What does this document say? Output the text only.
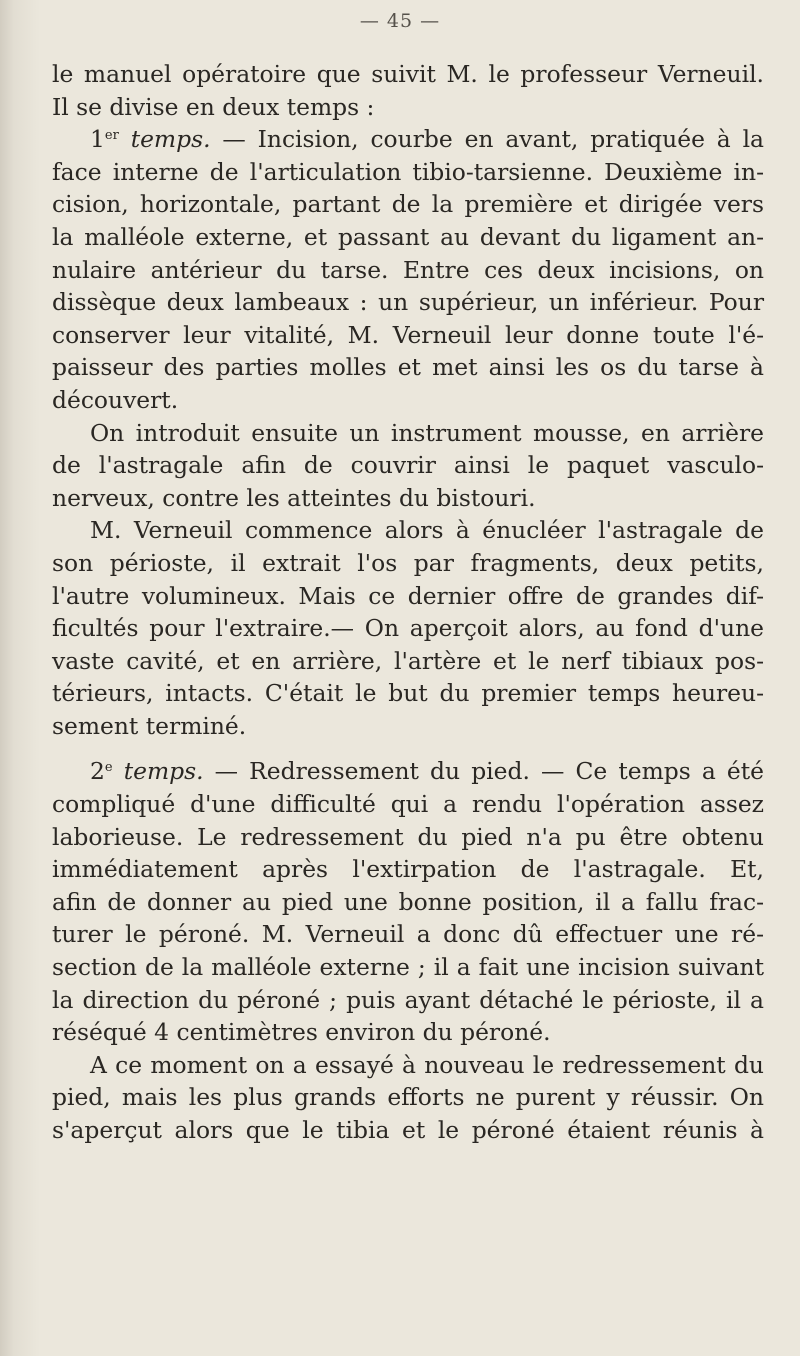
— 45 —
le manuel opératoire que suivit M. le professeur Verneuil.
Il se divise en deux temps :
1er temps. — Incision, courbe en avant, pratiquée à la
face interne de l'articulation tibio-tarsienne. Deuxième in-
cision, horizontale, partant de la première et dirigée vers
la malléole externe, et passant au devant du ligament an-
nulaire antérieur du tarse. Entre ces deux incisions, on
dissèque deux lambeaux : un supérieur, un inférieur. Pour
conserver leur vitalité, M. Verneuil leur donne toute l'é-
paisseur des parties molles et met ainsi les os du tarse à
découvert.
On introduit ensuite un instrument mousse, en arrière
de l'astragale afin de couvrir ainsi le paquet vasculo-
nerveux, contre les atteintes du bistouri.
M. Verneuil commence alors à énucléer l'astragale de
son périoste, il extrait l'os par fragments, deux petits,
l'autre volumineux. Mais ce dernier offre de grandes dif-
ficultés pour l'extraire.— On aperçoit alors, au fond d'une
vaste cavité, et en arrière, l'artère et le nerf tibiaux pos-
térieurs, intacts. C'était le but du premier temps heureu-
sement terminé.
2e temps. — Redressement du pied. — Ce temps a été
compliqué d'une difficulté qui a rendu l'opération assez
laborieuse. Le redressement du pied n'a pu être obtenu
immédiatement après l'extirpation de l'astragale. Et,
afin de donner au pied une bonne position, il a fallu frac-
turer le péroné. M. Verneuil a donc dû effectuer une ré-
section de la malléole externe ; il a fait une incision suivant
la direction du péroné ; puis ayant détaché le périoste, il a
réséqué 4 centimètres environ du péroné.
A ce moment on a essayé à nouveau le redressement du
pied, mais les plus grands efforts ne purent y réussir. On
s'aperçut alors que le tibia et le péroné étaient réunis à
